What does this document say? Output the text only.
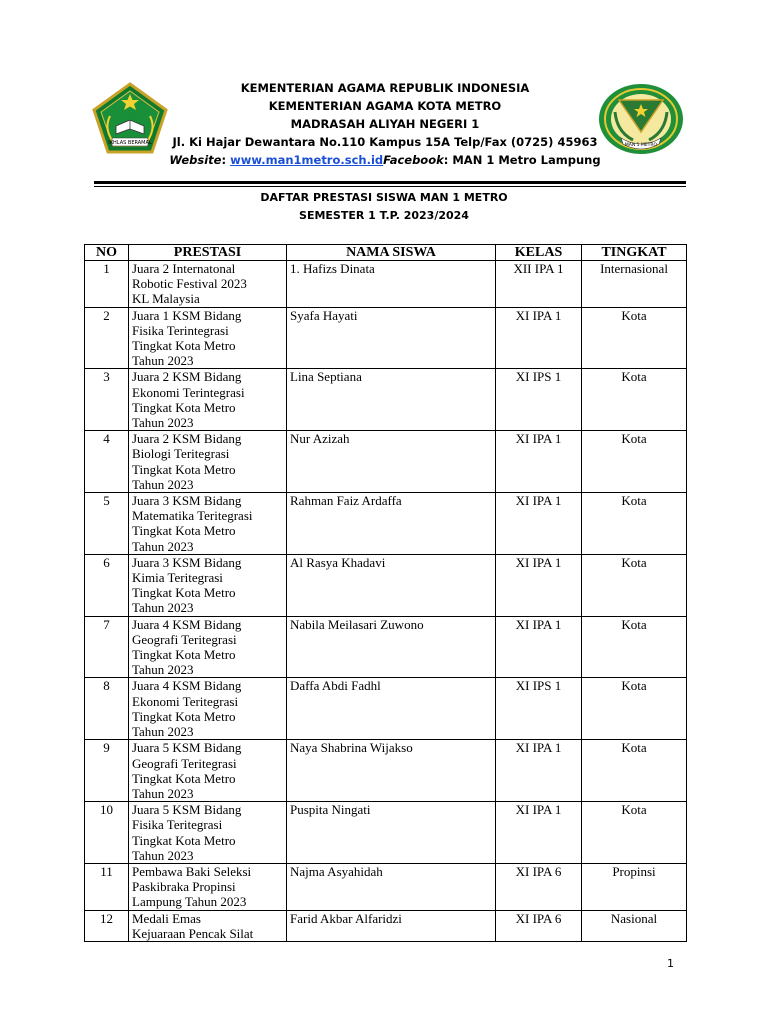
IKHLAS BERAMAL	MAN 1 METRO
KEMENTERIAN AGAMA REPUBLIK INDONESIA
KEMENTERIAN AGAMA KOTA METRO
MADRASAH ALIYAH NEGERI 1
Jl. Ki Hajar Dewantara No.110 Kampus 15A Telp/Fax (0725) 45963
Website: www.man1metro.sch.idFacebook: MAN 1 Metro Lampung
DAFTAR PRESTASI SISWA MAN 1 METRO
SEMESTER 1 T.P. 2023/2024
NO	PRESTASI	NAMA SISWA	KELAS	TINGKAT
1	Juara 2 Internatonal
Robotic Festival 2023
KL Malaysia	1. Hafizs Dinata	XII IPA 1	Internasional
2	Juara 1 KSM Bidang
Fisika Terintegrasi
Tingkat Kota Metro
Tahun 2023	Syafa Hayati	XI IPA 1	Kota
3	Juara 2 KSM Bidang
Ekonomi Terintegrasi
Tingkat Kota Metro
Tahun 2023	Lina Septiana	XI IPS 1	Kota
4	Juara 2 KSM Bidang
Biologi Teritegrasi
Tingkat Kota Metro
Tahun 2023	Nur Azizah	XI IPA 1	Kota
5	Juara 3 KSM Bidang
Matematika Teritegrasi
Tingkat Kota Metro
Tahun 2023	Rahman Faiz Ardaffa	XI IPA 1	Kota
6	Juara 3 KSM Bidang
Kimia Teritegrasi
Tingkat Kota Metro
Tahun 2023	Al Rasya Khadavi	XI IPA 1	Kota
7	Juara 4 KSM Bidang
Geografi Teritegrasi
Tingkat Kota Metro
Tahun 2023	Nabila Meilasari Zuwono	XI IPA 1	Kota
8	Juara 4 KSM Bidang
Ekonomi Teritegrasi
Tingkat Kota Metro
Tahun 2023	Daffa Abdi Fadhl	XI IPS 1	Kota
9	Juara 5 KSM Bidang
Geografi Teritegrasi
Tingkat Kota Metro
Tahun 2023	Naya Shabrina Wijakso	XI IPA 1	Kota
10	Juara 5 KSM Bidang
Fisika Teritegrasi
Tingkat Kota Metro
Tahun 2023	Puspita Ningati	XI IPA 1	Kota
11	Pembawa Baki Seleksi
Paskibraka Propinsi
Lampung Tahun 2023	Najma Asyahidah	XI IPA 6	Propinsi
12	Medali Emas
Kejuaraan Pencak Silat	Farid Akbar Alfaridzi	XI IPA 6	Nasional
1
